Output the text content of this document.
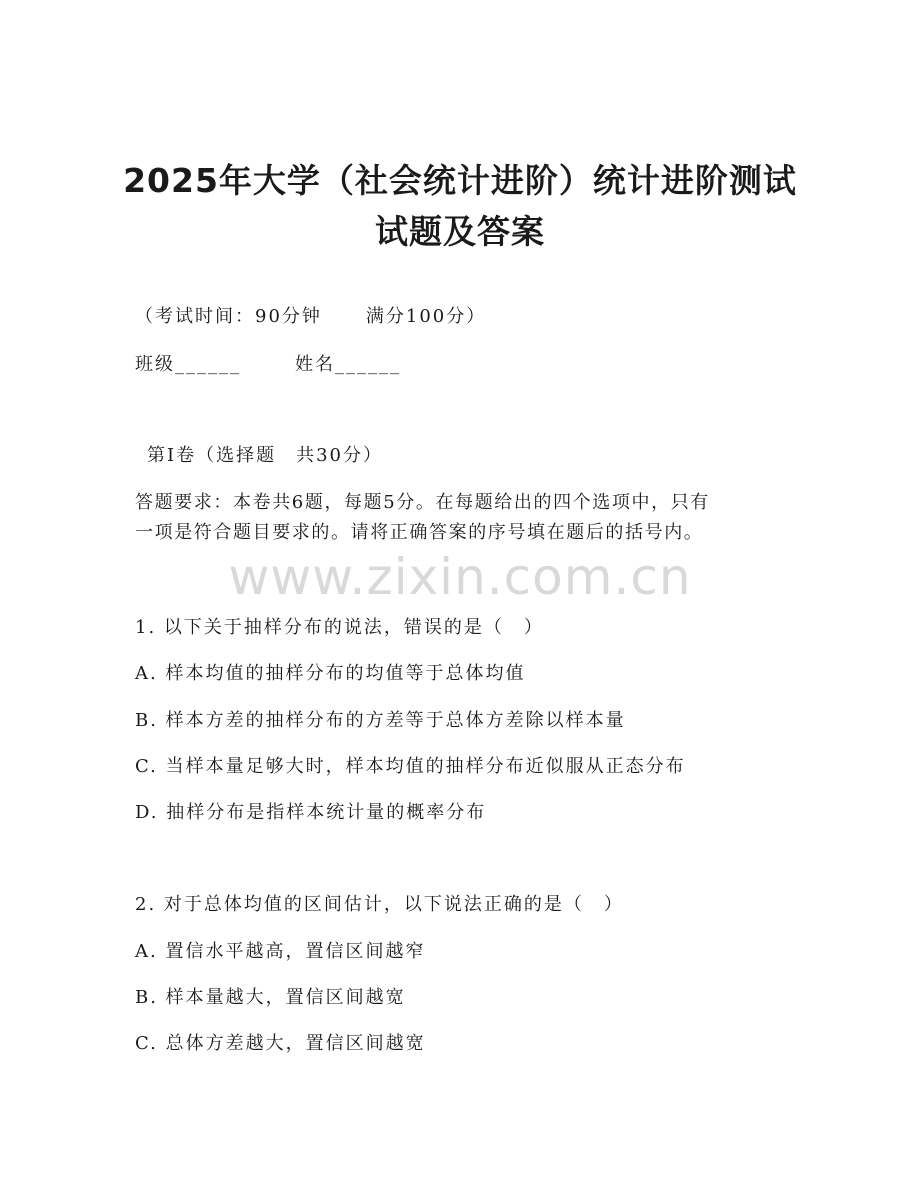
2025年大学（社会统计进阶）统计进阶测试
试题及答案
（考试时间：90分钟 满分100分）
班级______	姓名______
第Ⅰ卷（选择题　共30分）
答题要求：本卷共6题，每题5分。在每题给出的四个选项中，只有
一项是符合题目要求的。请将正确答案的序号填在题后的括号内。
www.zixin.com.cn
1. 以下关于抽样分布的说法，错误的是（　）
A. 样本均值的抽样分布的均值等于总体均值
B. 样本方差的抽样分布的方差等于总体方差除以样本量
C. 当样本量足够大时，样本均值的抽样分布近似服从正态分布
D. 抽样分布是指样本统计量的概率分布
2. 对于总体均值的区间估计，以下说法正确的是（　）
A. 置信水平越高，置信区间越窄
B. 样本量越大，置信区间越宽
C. 总体方差越大，置信区间越宽
